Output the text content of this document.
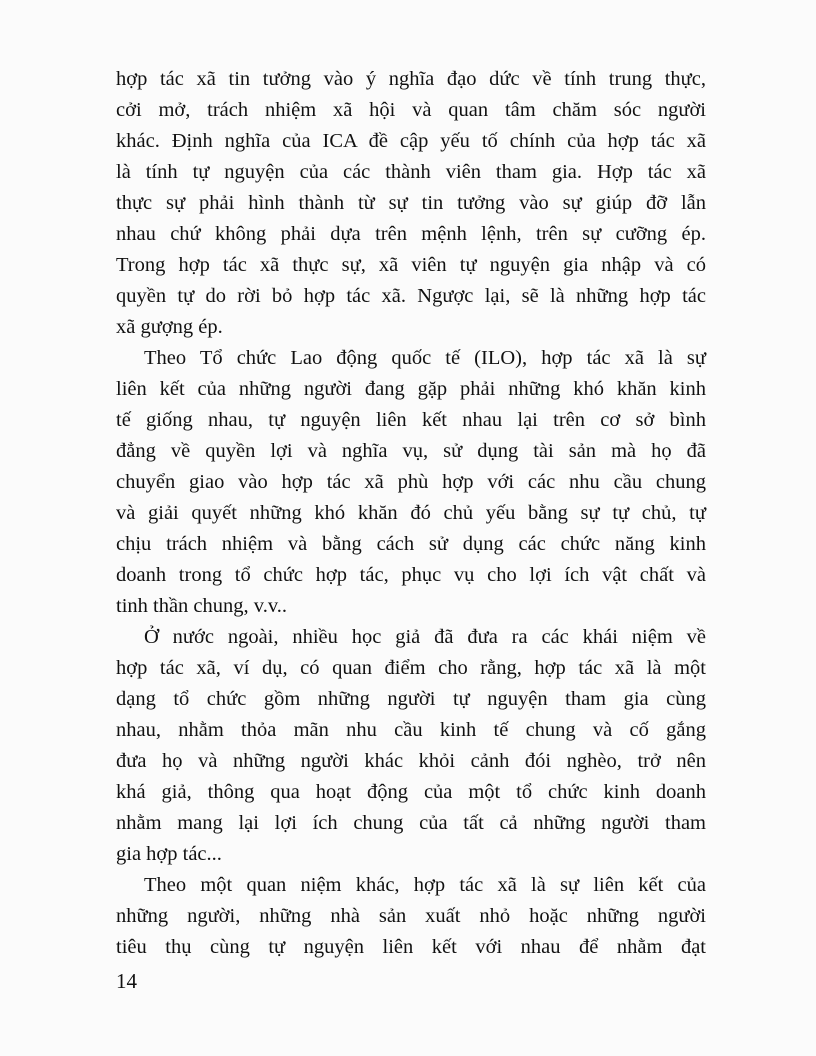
hợp tác xã tin tưởng vào ý nghĩa đạo dức về tính trung thực,
cởi mở, trách nhiệm xã hội và quan tâm chăm sóc người
khác. Định nghĩa của ICA đề cập yếu tố chính của hợp tác xã
là tính tự nguyện của các thành viên tham gia. Hợp tác xã
thực sự phải hình thành từ sự tin tưởng vào sự giúp đỡ lẫn
nhau chứ không phải dựa trên mệnh lệnh, trên sự cưỡng ép.
Trong hợp tác xã thực sự, xã viên tự nguyện gia nhập và có
quyền tự do rời bỏ hợp tác xã. Ngược lại, sẽ là những hợp tác
xã gượng ép.
Theo Tổ chức Lao động quốc tế (ILO), hợp tác xã là sự
liên kết của những người đang gặp phải những khó khăn kinh
tế giống nhau, tự nguyện liên kết nhau lại trên cơ sở bình
đẳng về quyền lợi và nghĩa vụ, sử dụng tài sản mà họ đã
chuyển giao vào hợp tác xã phù hợp với các nhu cầu chung
và giải quyết những khó khăn đó chủ yếu bằng sự tự chủ, tự
chịu trách nhiệm và bằng cách sử dụng các chức năng kinh
doanh trong tổ chức hợp tác, phục vụ cho lợi ích vật chất và
tinh thần chung, v.v..
Ở nước ngoài, nhiều học giả đã đưa ra các khái niệm về
hợp tác xã, ví dụ, có quan điểm cho rằng, hợp tác xã là một
dạng tổ chức gồm những người tự nguyện tham gia cùng
nhau, nhằm thỏa mãn nhu cầu kinh tế chung và cố gắng
đưa họ và những người khác khỏi cảnh đói nghèo, trở nên
khá giả, thông qua hoạt động của một tổ chức kinh doanh
nhằm mang lại lợi ích chung của tất cả những người tham
gia hợp tác...
Theo một quan niệm khác, hợp tác xã là sự liên kết của
những người, những nhà sản xuất nhỏ hoặc những người
tiêu thụ cùng tự nguyện liên kết với nhau để nhằm đạt
14
